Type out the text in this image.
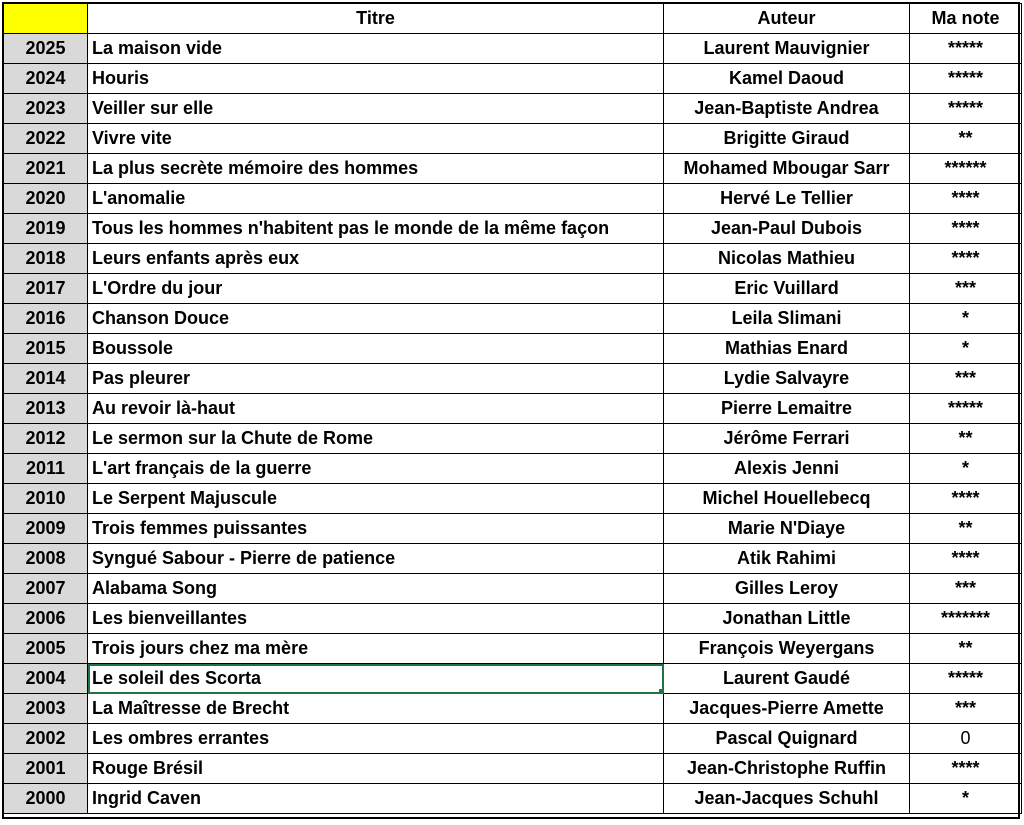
	Titre	Auteur	Ma note
2025	La maison vide	Laurent Mauvignier	*****
2024	Houris	Kamel Daoud	*****
2023	Veiller sur elle	Jean-Baptiste Andrea	*****
2022	Vivre vite	Brigitte Giraud	**
2021	La plus secrète mémoire des hommes	Mohamed Mbougar Sarr	******
2020	L'anomalie	Hervé Le Tellier	****
2019	Tous les hommes n'habitent pas le monde de la même façon	Jean-Paul Dubois	****
2018	Leurs enfants après eux	Nicolas Mathieu	****
2017	L'Ordre du jour	Eric Vuillard	***
2016	Chanson Douce	Leila Slimani	*
2015	Boussole	Mathias Enard	*
2014	Pas pleurer	Lydie Salvayre	***
2013	Au revoir là-haut	Pierre Lemaitre	*****
2012	Le sermon sur la Chute de Rome	Jérôme Ferrari	**
2011	L'art français de la guerre	Alexis Jenni	*
2010	Le Serpent Majuscule	Michel Houellebecq	****
2009	Trois femmes puissantes	Marie N'Diaye	**
2008	Syngué Sabour - Pierre de patience	Atik Rahimi	****
2007	Alabama Song	Gilles Leroy	***
2006	Les bienveillantes	Jonathan Little	*******
2005	Trois jours chez ma mère	François Weyergans	**
2004	Le soleil des Scorta	Laurent Gaudé	*****
2003	La Maîtresse de Brecht	Jacques-Pierre Amette	***
2002	Les ombres errantes	Pascal Quignard	0
2001	Rouge Brésil	Jean-Christophe Ruffin	****
2000	Ingrid Caven	Jean-Jacques Schuhl	*
